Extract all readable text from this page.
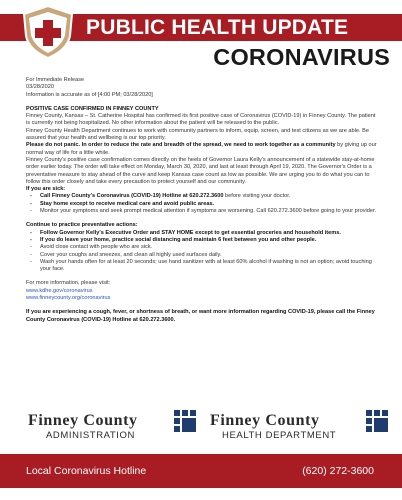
PUBLIC HEALTH UPDATE
CORONAVIRUS

For Immediate Release

03/28/2020

Information is accurate as of [4:00 PM; 03/28/2020]

POSITIVE CASE CONFIRMED IN FINNEY COUNTY

Finney County, Kansas – St. Catherine Hospital has confirmed its first positive case of Coronavirus (COVID-19) in Finney County. The patient is currently not being hospitalized. No other information about the patient will be released to the public.

Finney County Health Department continues to work with community partners to inform, equip, screen, and test citizens as we are able. Be assured that your health and wellbeing is our top priority.

Please do not panic. In order to reduce the rate and breadth of the spread, we need to work together as a community by giving up our normal way of life for a little while.

Finney County's positive case confirmation comes directly on the heels of Governor Laura Kelly's announcement of a statewide stay-at-home order earlier today. The order will take effect on Monday, March 30, 2020, and last at least through April 19, 2020. The Governor's Order is a preventative measure to stay ahead of the curve and keep Kansas case count as low as possible. We are urging you to do what you can to follow this order closely and take every precaution to protect yourself and our community.

If you are sick:

- Call Finney County's Coronavirus (COVID-19) Hotline at 620.272.3600 before visiting your doctor.
- Stay home except to receive medical care and avoid public areas.
- Monitor your symptoms and seek prompt medical attention if symptoms are worsening. Call 620.272.3600 before going to your provider.

Continue to practice preventative actions:

- Follow Governor Kelly's Executive Order and STAY HOME except to get essential groceries and household items.
- If you do leave your home, practice social distancing and maintain 6 feet between you and other people.
- Avoid close contact with people who are sick.
- Cover your coughs and sneezes, and clean all highly used surfaces daily.
- Wash your hands often for at least 20 seconds; use hand sanitizer with at least 60% alcohol if washing is not an option; avoid touching your face.

For more information, please visit:

www.kdhe.gov/coronavirus

www.finneycounty.org/coronavirus

If you are experiencing a cough, fever, or shortness of breath, or want more information regarding COVID-19, please call the Finney County Coronavirus (COVID-19) Hotline at 620.272.3600.

Finney County
ADMINISTRATION
Finney County
HEALTH DEPARTMENT
Local Coronavirus Hotline	(620) 272-3600
